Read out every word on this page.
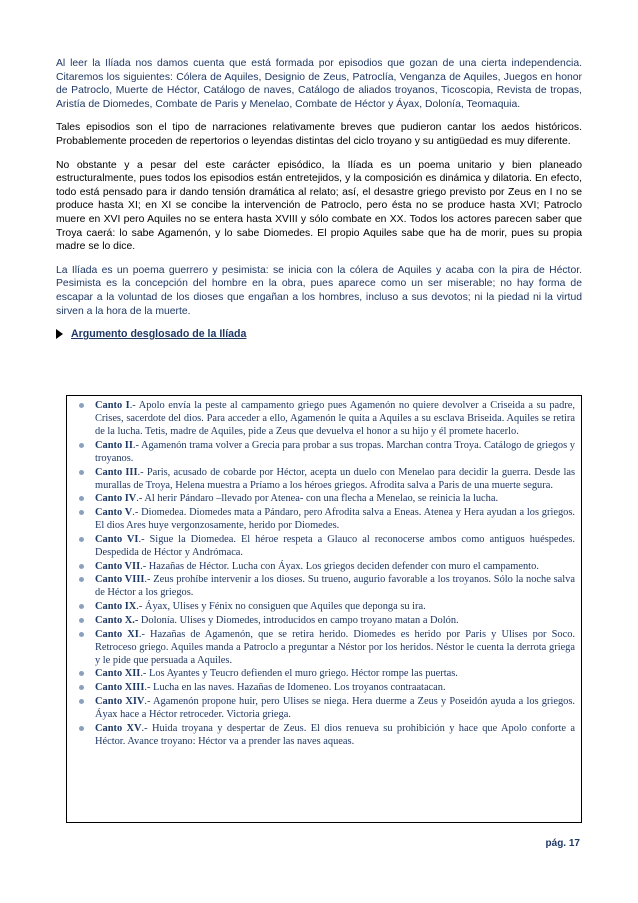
Al leer la Ilíada nos damos cuenta que está formada por episodios que gozan de una cierta independencia. Citaremos los siguientes: Cólera de Aquiles, Designio de Zeus, Patroclía, Venganza de Aquiles, Juegos en honor de Patroclo, Muerte de Héctor, Catálogo de naves, Catálogo de aliados troyanos, Ticoscopia, Revista de tropas, Aristía de Diomedes, Combate de Paris y Menelao, Combate de Héctor y Áyax, Dolonía, Teomaquia.

Tales episodios son el tipo de narraciones relativamente breves que pudieron cantar los aedos históricos. Probablemente proceden de repertorios o leyendas distintas del ciclo troyano y su antigüedad es muy diferente.

No obstante y a pesar del este carácter episódico, la Ilíada es un poema unitario y bien planeado estructuralmente, pues todos los episodios están entretejidos, y la composición es dinámica y dilatoria. En efecto, todo está pensado para ir dando tensión dramática al relato; así, el desastre griego previsto por Zeus en I no se produce hasta XI; en XI se concibe la intervención de Patroclo, pero ésta no se produce hasta XVI; Patroclo muere en XVI pero Aquiles no se entera hasta XVIII y sólo combate en XX. Todos los actores parecen saber que Troya caerá: lo sabe Agamenón, y lo sabe Diomedes. El propio Aquiles sabe que ha de morir, pues su propia madre se lo dice.

La Ilíada es un poema guerrero y pesimista: se inicia con la cólera de Aquiles y acaba con la pira de Héctor. Pesimista es la concepción del hombre en la obra, pues aparece como un ser miserable; no hay forma de escapar a la voluntad de los dioses que engañan a los hombres, incluso a sus devotos; ni la piedad ni la virtud sirven a la hora de la muerte.

Argumento desglosado de la Ilíada
Canto I.- Apolo envía la peste al campamento griego pues Agamenón no quiere devolver a Criseida a su padre, Crises, sacerdote del dios. Para acceder a ello, Agamenón le quita a Aquiles a su esclava Briseida. Aquiles se retira de la lucha. Tetis, madre de Aquiles, pide a Zeus que devuelva el honor a su hijo y él promete hacerlo.
Canto II.- Agamenón trama volver a Grecia para probar a sus tropas. Marchan contra Troya. Catálogo de griegos y troyanos.
Canto III.- Paris, acusado de cobarde por Héctor, acepta un duelo con Menelao para decidir la guerra. Desde las murallas de Troya, Helena muestra a Príamo a los héroes griegos. Afrodita salva a Paris de una muerte segura.
Canto IV.- Al herir Pándaro –llevado por Atenea- con una flecha a Menelao, se reinicia la lucha.
Canto V.- Diomedea. Diomedes mata a Pándaro, pero Afrodita salva a Eneas. Atenea y Hera ayudan a los griegos. El dios Ares huye vergonzosamente, herido por Diomedes.
Canto VI.- Sigue la Diomedea. El héroe respeta a Glauco al reconocerse ambos como antiguos huéspedes. Despedida de Héctor y Andrómaca.
Canto VII.- Hazañas de Héctor. Lucha con Áyax. Los griegos deciden defender con muro el campamento.
Canto VIII.- Zeus prohíbe intervenir a los dioses. Su trueno, augurio favorable a los troyanos. Sólo la noche salva de Héctor a los griegos.
Canto IX.- Áyax, Ulises y Fénix no consiguen que Aquiles que deponga su ira.
Canto X.- Dolonía. Ulises y Diomedes, introducidos en campo troyano matan a Dolón.
Canto XI.- Hazañas de Agamenón, que se retira herido. Diomedes es herido por Paris y Ulises por Soco. Retroceso griego. Aquiles manda a Patroclo a preguntar a Néstor por los heridos. Néstor le cuenta la derrota griega y le pide que persuada a Aquiles.
Canto XII.- Los Ayantes y Teucro defienden el muro griego. Héctor rompe las puertas.
Canto XIII.- Lucha en las naves. Hazañas de Idomeneo. Los troyanos contraatacan.
Canto XIV.- Agamenón propone huir, pero Ulises se niega. Hera duerme a Zeus y Poseidón ayuda a los griegos. Áyax hace a Héctor retroceder. Victoria griega.
Canto XV.- Huida troyana y despertar de Zeus. El dios renueva su prohibición y hace que Apolo conforte a Héctor. Avance troyano: Héctor va a prender las naves aqueas.
pág. 17
